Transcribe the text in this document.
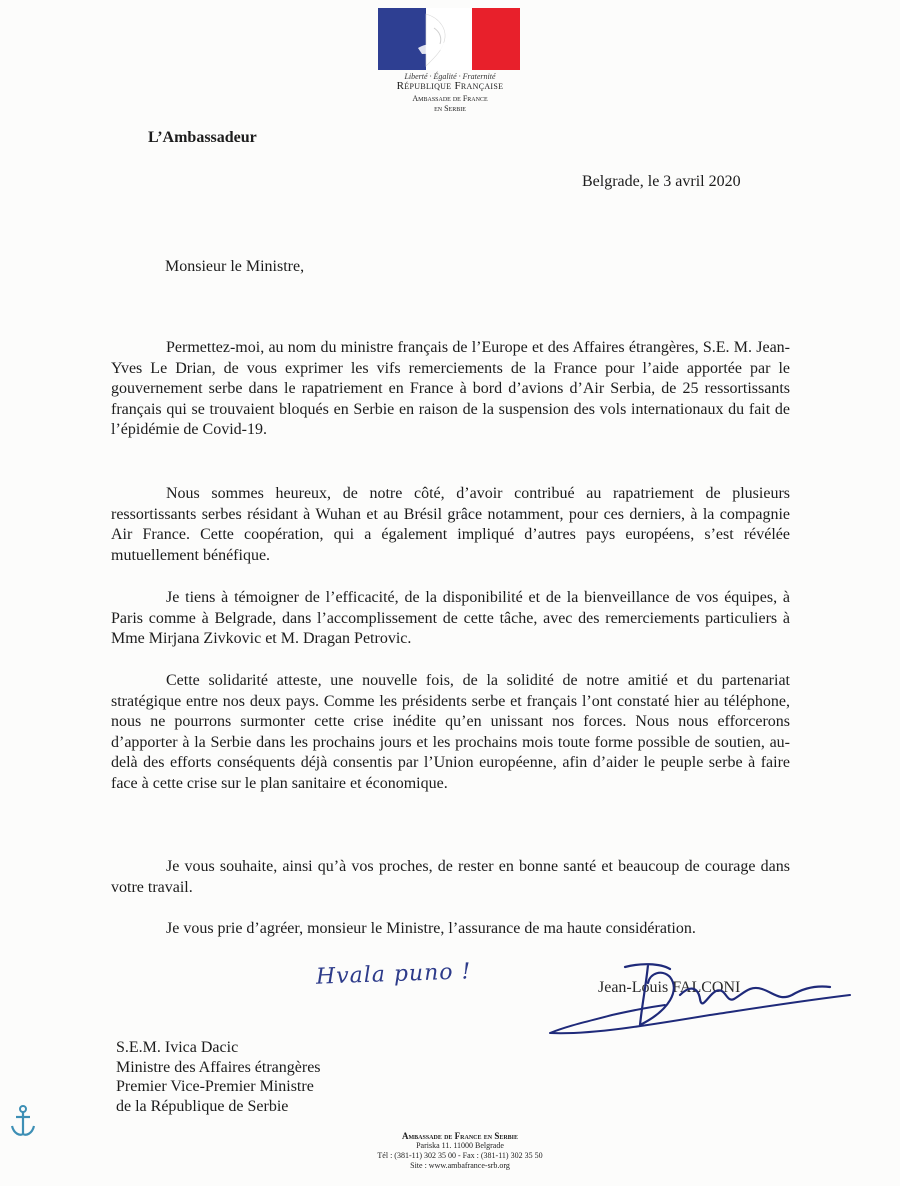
Liberté · Égalité · Fraternité
République Française
Ambassade de France
en Serbie
L’Ambassadeur
Belgrade, le 3 avril 2020
Monsieur le Ministre,

Permettez-moi, au nom du ministre français de l’Europe et des Affaires étrangères, S.E. M. Jean-Yves Le Drian, de vous exprimer les vifs remerciements de la France pour l’aide apportée par le gouvernement serbe dans le rapatriement en France à bord d’avions d’Air Serbia, de 25 ressortissants français qui se trouvaient bloqués en Serbie en raison de la suspension des vols internationaux du fait de l’épidémie de Covid-19.

Nous sommes heureux, de notre côté, d’avoir contribué au rapatriement de plusieurs ressortissants serbes résidant à Wuhan et au Brésil grâce notamment, pour ces derniers, à la compagnie Air France. Cette coopération, qui a également impliqué d’autres pays européens, s’est révélée mutuellement bénéfique.

Je tiens à témoigner de l’efficacité, de la disponibilité et de la bienveillance de vos équipes, à Paris comme à Belgrade, dans l’accomplissement de cette tâche, avec des remerciements particuliers à Mme Mirjana Zivkovic et M. Dragan Petrovic.

Cette solidarité atteste, une nouvelle fois, de la solidité de notre amitié et du partenariat stratégique entre nos deux pays. Comme les présidents serbe et français l’ont constaté hier au téléphone, nous ne pourrons surmonter cette crise inédite qu’en unissant nos forces. Nous nous efforcerons d’apporter à la Serbie dans les prochains jours et les prochains mois toute forme possible de soutien, au-delà des efforts conséquents déjà consentis par l’Union européenne, afin d’aider le peuple serbe à faire face à cette crise sur le plan sanitaire et économique.

Je vous souhaite, ainsi qu’à vos proches, de rester en bonne santé et beaucoup de courage dans votre travail.

Je vous prie d’agréer, monsieur le Ministre, l’assurance de ma haute considération.

Hvala puno !	Jean-Louis FALCONI
S.E.M. Ivica Dacic
Ministre des Affaires étrangères
Premier Vice-Premier Ministre
de la République de Serbie
Ambassade de France en Serbie
Pariska 11. 11000 Belgrade
Tél : (381-11) 302 35 00 - Fax : (381-11) 302 35 50
Site : www.ambafrance-srb.org
